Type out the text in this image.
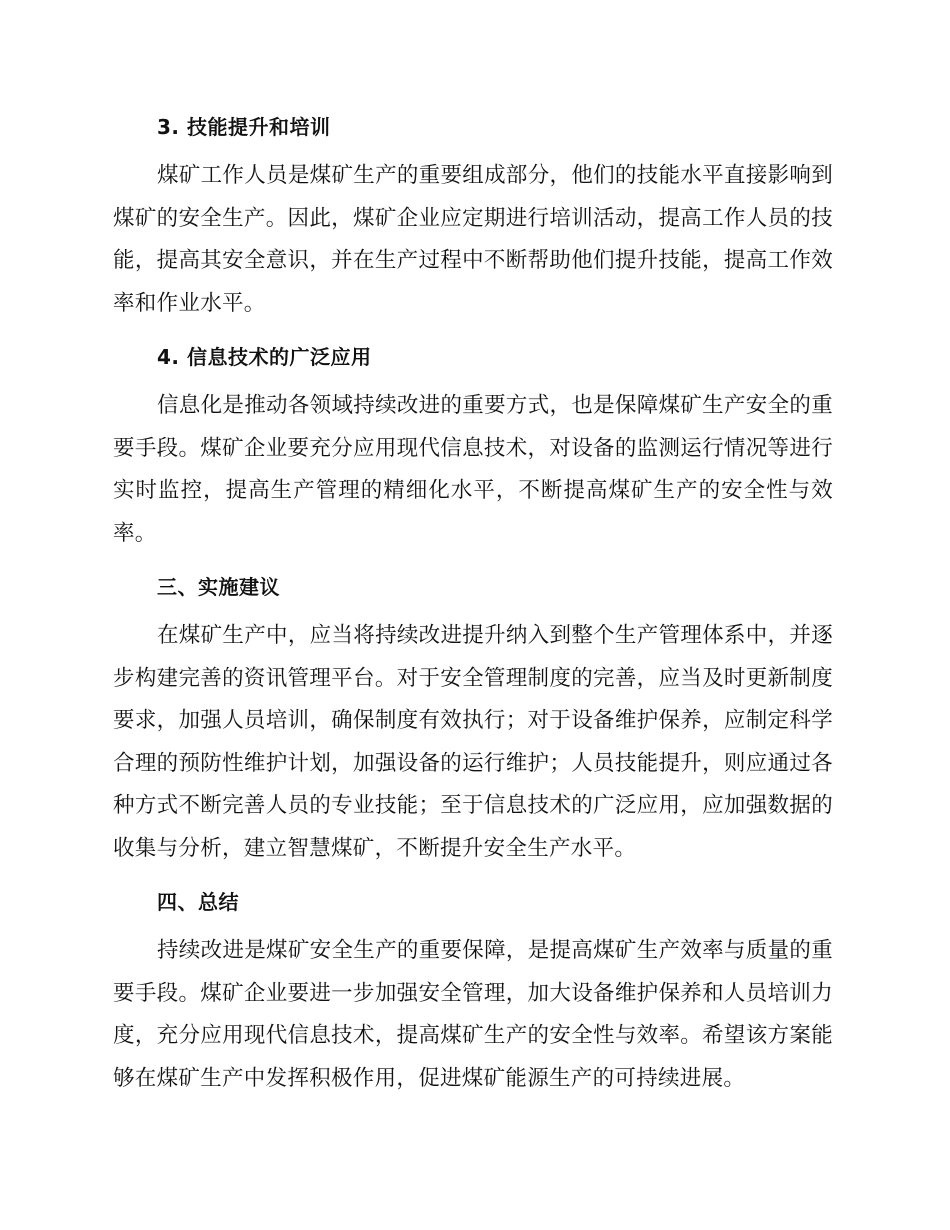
3. 技能提升和培训

煤矿工作人员是煤矿生产的重要组成部分，他们的技能水平直接影响到煤矿的安全生产。因此，煤矿企业应定期进行培训活动，提高工作人员的技能，提高其安全意识，并在生产过程中不断帮助他们提升技能，提高工作效率和作业水平。

4. 信息技术的广泛应用

信息化是推动各领域持续改进的重要方式，也是保障煤矿生产安全的重要手段。煤矿企业要充分应用现代信息技术，对设备的监测运行情况等进行实时监控，提高生产管理的精细化水平，不断提高煤矿生产的安全性与效率。

三、实施建议

在煤矿生产中，应当将持续改进提升纳入到整个生产管理体系中，并逐步构建完善的资讯管理平台。对于安全管理制度的完善，应当及时更新制度要求，加强人员培训，确保制度有效执行；对于设备维护保养，应制定科学合理的预防性维护计划，加强设备的运行维护；人员技能提升，则应通过各种方式不断完善人员的专业技能；至于信息技术的广泛应用，应加强数据的收集与分析，建立智慧煤矿，不断提升安全生产水平。

四、总结

持续改进是煤矿安全生产的重要保障，是提高煤矿生产效率与质量的重要手段。煤矿企业要进一步加强安全管理，加大设备维护保养和人员培训力度，充分应用现代信息技术，提高煤矿生产的安全性与效率。希望该方案能够在煤矿生产中发挥积极作用，促进煤矿能源生产的可持续进展。
